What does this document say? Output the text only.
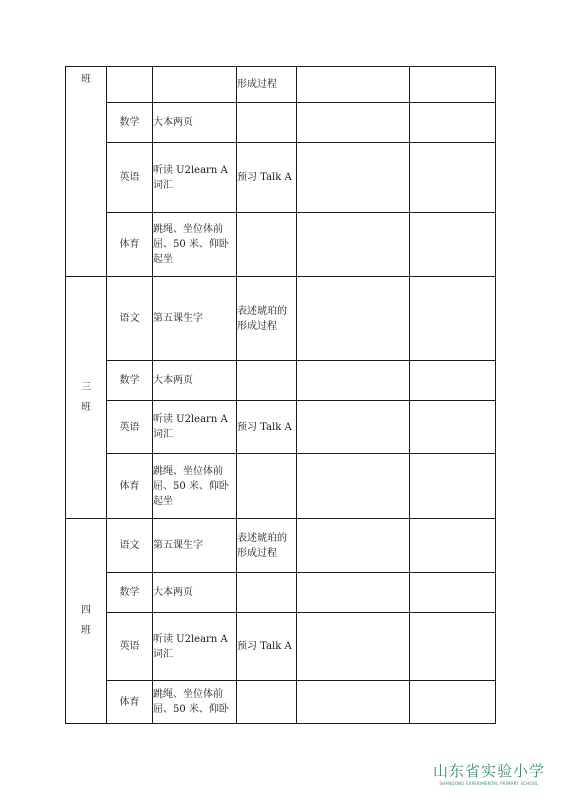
班			形成过程		
	数学	大本两页			
	英语	听读 U2learn A 词汇	预习 Talk A		
	体育	跳绳、坐位体前屈、50 米、仰卧起坐			
三班	语文	第五课生字	表述琥珀的形成过程		
	数学	大本两页			
	英语	听读 U2learn A 词汇	预习 Talk A		
	体育	跳绳、坐位体前屈、50 米、仰卧起坐			
四班	语文	第五课生字	表述琥珀的形成过程		
	数学	大本两页			
	英语	听读 U2learn A 词汇	预习 Talk A		
	体育	跳绳、坐位体前屈、50 米、仰卧			
山东省实验小学
SHANDONG EXPERIMENTAL PRIMARY SCHOOL
